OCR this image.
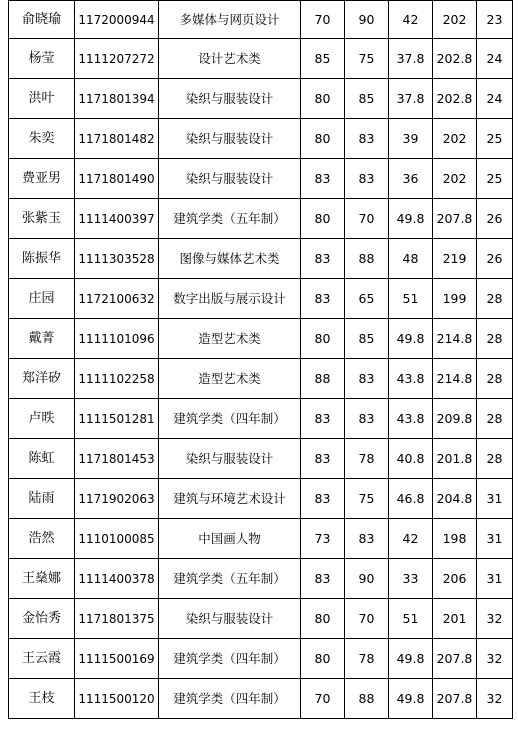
俞晓瑜	1172000944	多媒体与网页设计	70	90	42	202	23
杨莹	1111207272	设计艺术类	85	75	37.8	202.8	24
洪叶	1171801394	染织与服装设计	80	85	37.8	202.8	24
朱奕	1171801482	染织与服装设计	80	83	39	202	25
费亚男	1171801490	染织与服装设计	83	83	36	202	25
张紫玉	1111400397	建筑学类（五年制）	80	70	49.8	207.8	26
陈振华	1111303528	图像与媒体艺术类	83	88	48	219	26
庄园	1172100632	数字出版与展示设计	83	65	51	199	28
戴菁	1111101096	造型艺术类	80	85	49.8	214.8	28
郑洋矽	1111102258	造型艺术类	88	83	43.8	214.8	28
卢昳	1111501281	建筑学类（四年制）	83	83	43.8	209.8	28
陈虹	1171801453	染织与服装设计	83	78	40.8	201.8	28
陆雨	1171902063	建筑与环境艺术设计	83	75	46.8	204.8	31
浩然	1110100085	中国画人物	73	83	42	198	31
王燊娜	1111400378	建筑学类（五年制）	83	90	33	206	31
金怡秀	1171801375	染织与服装设计	80	70	51	201	32
王云霞	1111500169	建筑学类（四年制）	80	78	49.8	207.8	32
王枝	1111500120	建筑学类（四年制）	70	88	49.8	207.8	32
